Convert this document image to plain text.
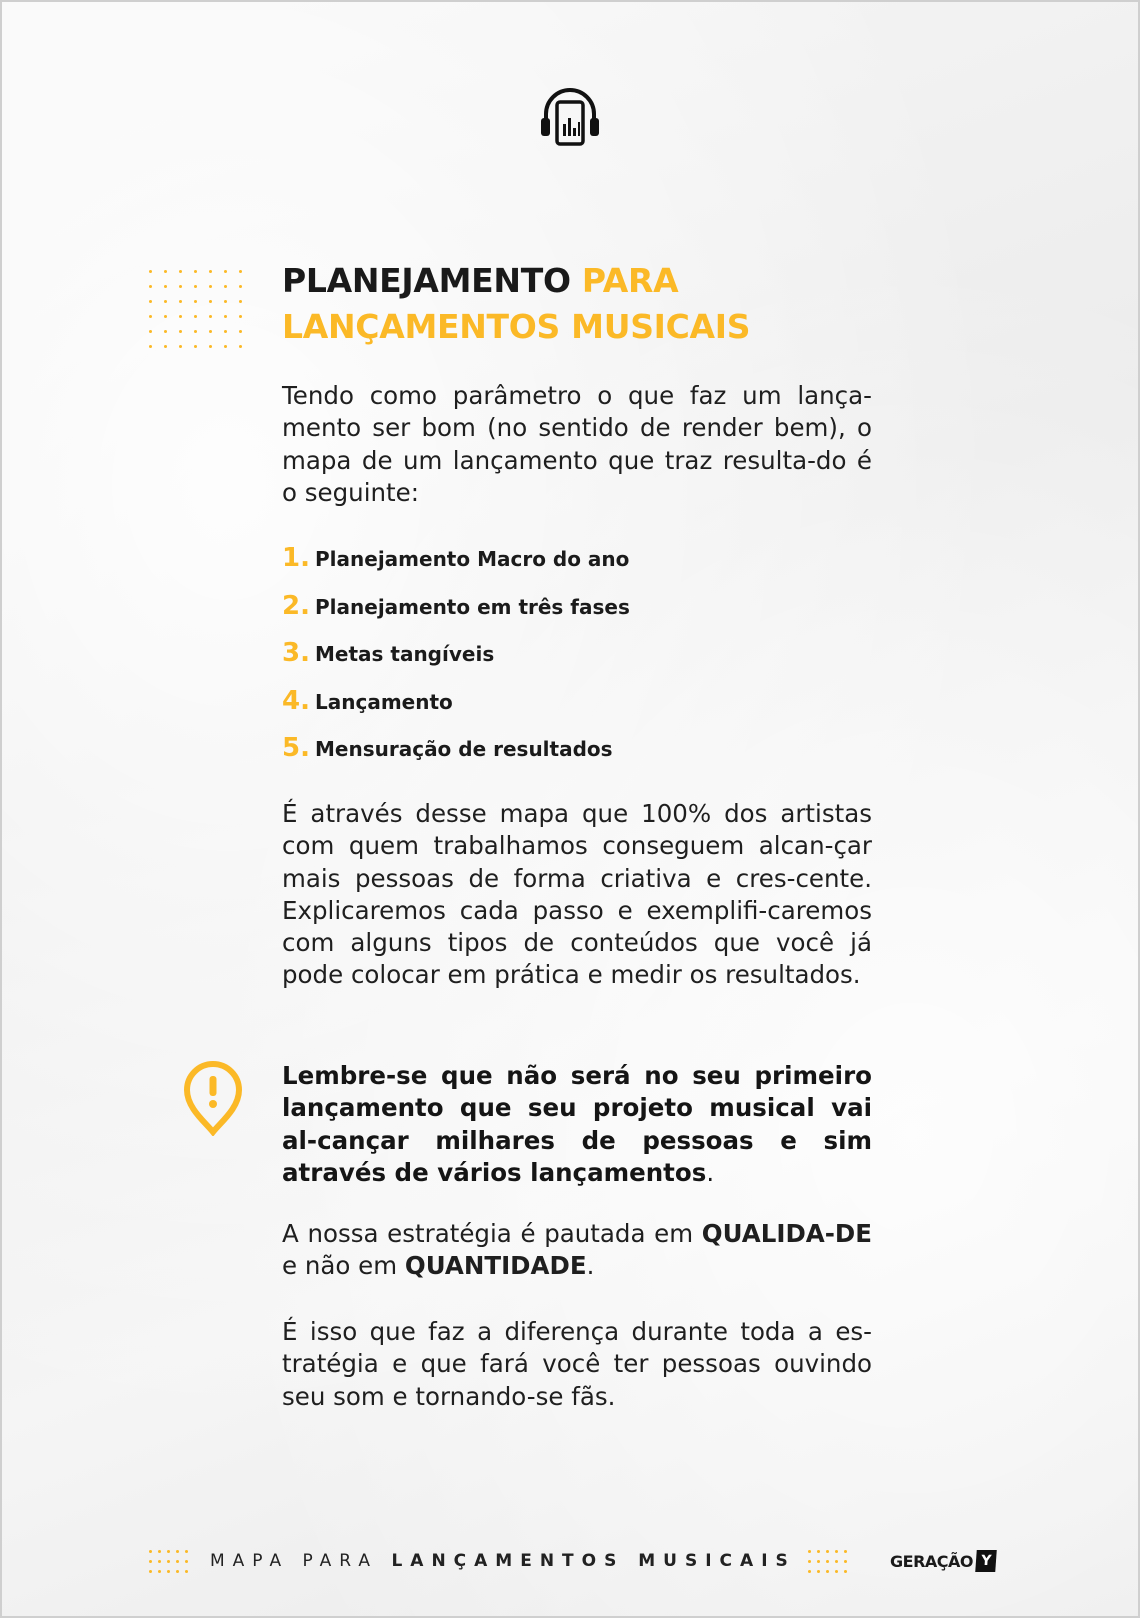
PLANEJAMENTO PARA
LANÇAMENTOS MUSICAIS

Tendo como parâmetro o que faz um lança-mento ser bom (no sentido de render bem), o mapa de um lançamento que traz resulta-do é o seguinte:

1. Planejamento Macro do ano
2. Planejamento em três fases
3. Metas tangíveis
4. Lançamento
5. Mensuração de resultados

É através desse mapa que 100% dos artistas com quem trabalhamos conseguem alcan-çar mais pessoas de forma criativa e cres-cente. Explicaremos cada passo e exemplifi-caremos com alguns tipos de conteúdos que você já pode colocar em prática e medir os resultados.

Lembre-se que não será no seu primeiro lançamento que seu projeto musical vai al-cançar milhares de pessoas e sim através de vários lançamentos.

A nossa estratégia é pautada em QUALIDA-DE e não em QUANTIDADE.

É isso que faz a diferença durante toda a es-tratégia e que fará você ter pessoas ouvindo seu som e tornando-se fãs.

MAPA PARA LANÇAMENTOS MUSICAIS	GERAÇÃO Y
